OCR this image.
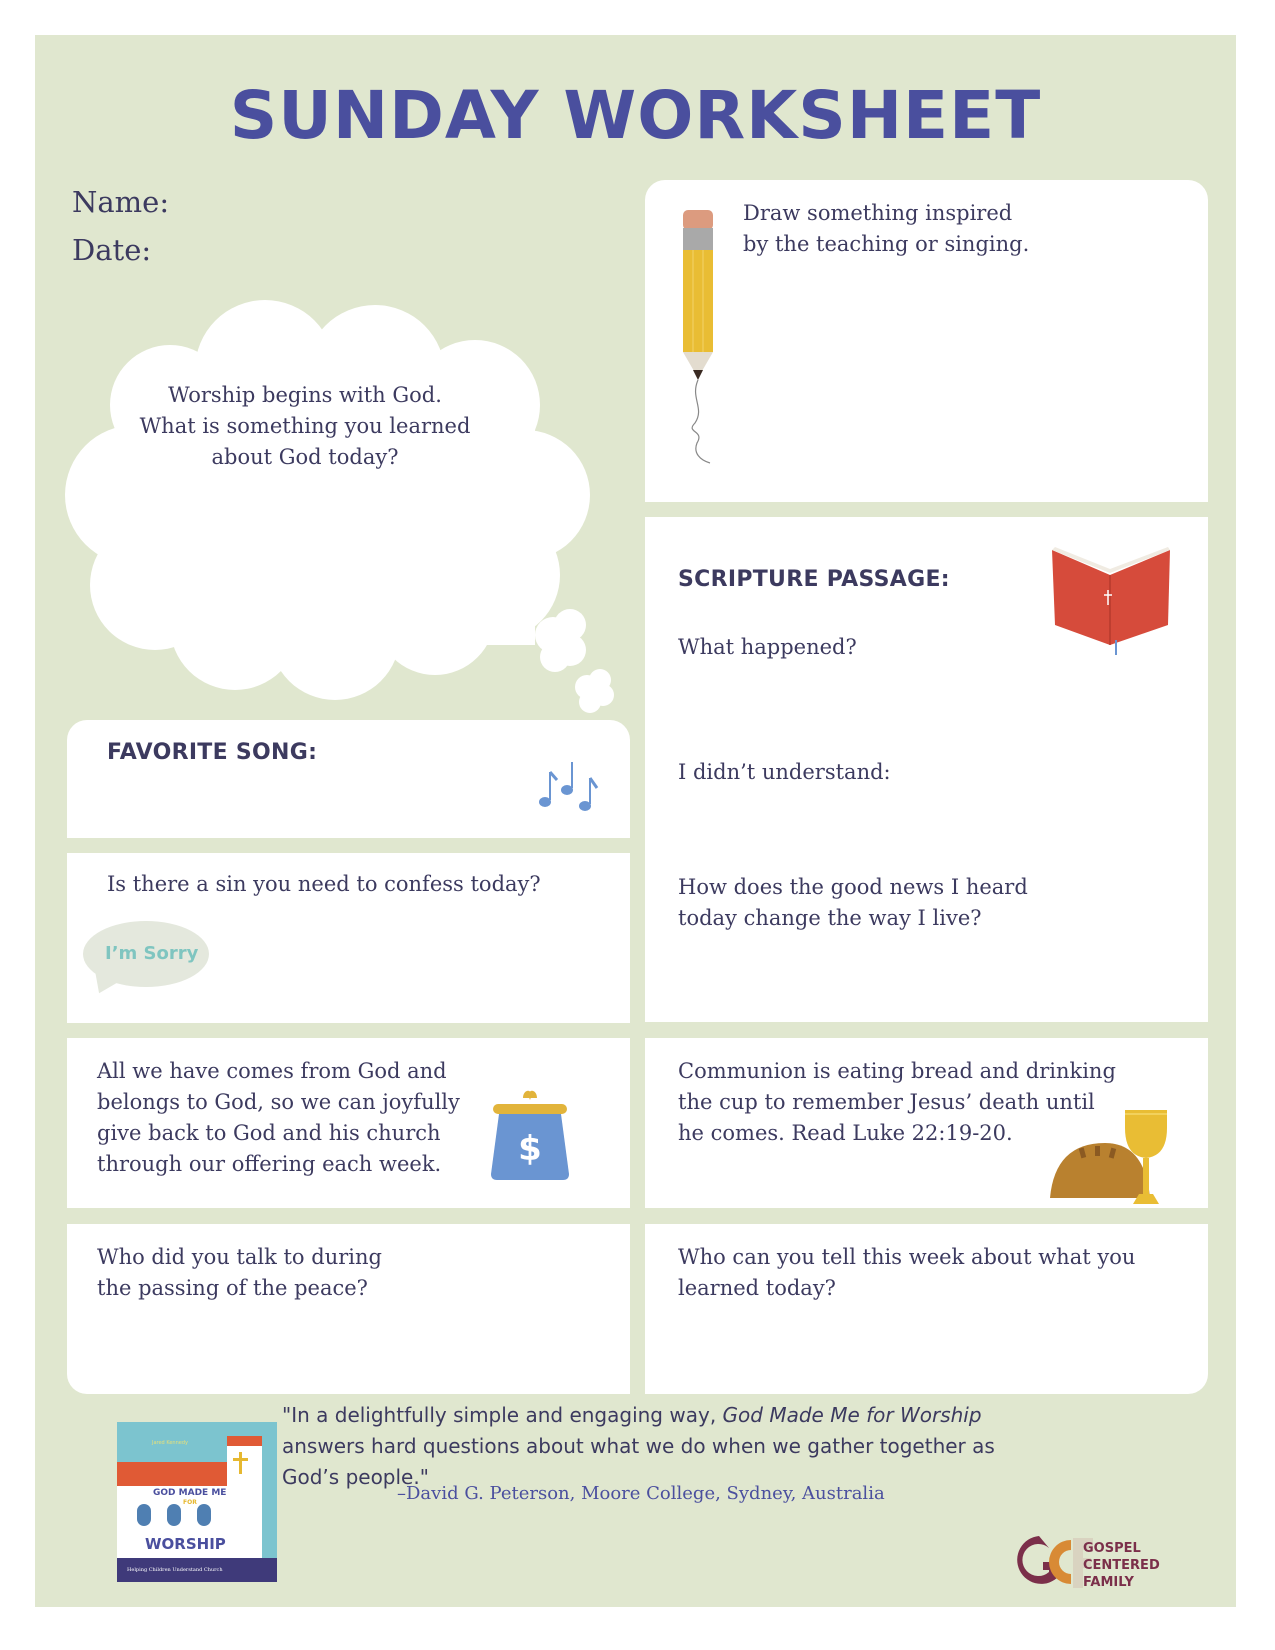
SUNDAY WORKSHEET
Name:
Date:
Worship begins with God.
What is something you learned
about God today?
Draw something inspired
by the teaching or singing.
SCRIPTURE PASSAGE:
What happened?
I didn’t understand:
How does the good news I heard
today change the way I live?
FAVORITE SONG:
Is there a sin you need to confess today?
I’m Sorry
All we have comes from God and
belongs to God, so we can joyfully
give back to God and his church
through our offering each week.	$
Communion is eating bread and drinking
the cup to remember Jesus’ death until
he comes. Read Luke 22:19-20.
Who did you talk to during
the passing of the peace?
Who can you tell this week about what you
learned today?
GOD MADE ME
FOR
WORSHIP
Helping Children Understand Church
Jared Kennedy
"In a delightfully simple and engaging way, God Made Me for Worship answers hard questions about what we do when we gather together as God’s people."
–David G. Peterson, Moore College, Sydney, Australia
GOSPEL
CENTERED
FAMILY
